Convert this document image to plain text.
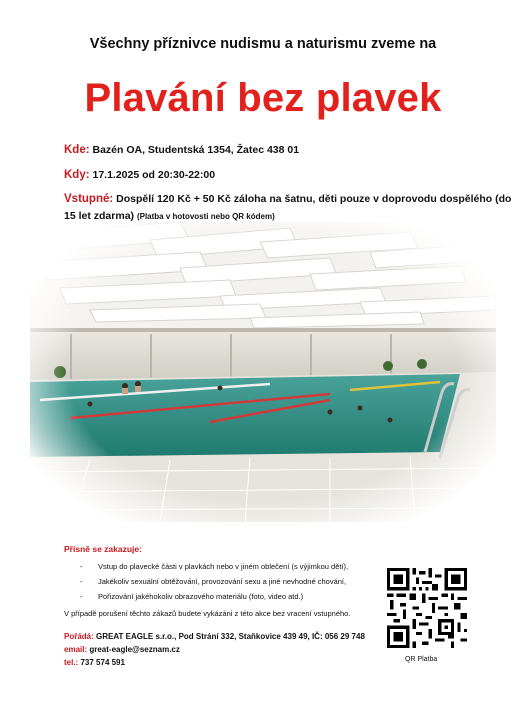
Všechny příznivce nudismu a naturismu zveme na
Plavání bez plavek
Kde: Bazén OA, Studentská 1354, Žatec 438 01
Kdy: 17.1.2025 od 20:30-22:00
Vstupné: Dospělí 120 Kč + 50 Kč záloha na šatnu, děti pouze v doprovodu dospělého (do
15 let zdarma) (Platba v hotovosti nebo QR kódem)
Přísně se zakazuje:
- Vstup do plavecké části v plavkách nebo v jiném oblečení (s výjimkou dětí),
- Jakékoliv sexuální obtěžování, provozování sexu a jiné nevhodné chování,
- Pořizování jakéhokoliv obrazového materiálu (foto, video atd.)
V případě porušení těchto zákazů budete vykázáni z této akce bez vracení vstupného.
Pořádá: GREAT EAGLE s.r.o., Pod Strání 332, Staňkovice 439 49, IČ: 056 29 748
email: great-eagle@seznam.cz
tel.: 737 574 591	QR Platba
